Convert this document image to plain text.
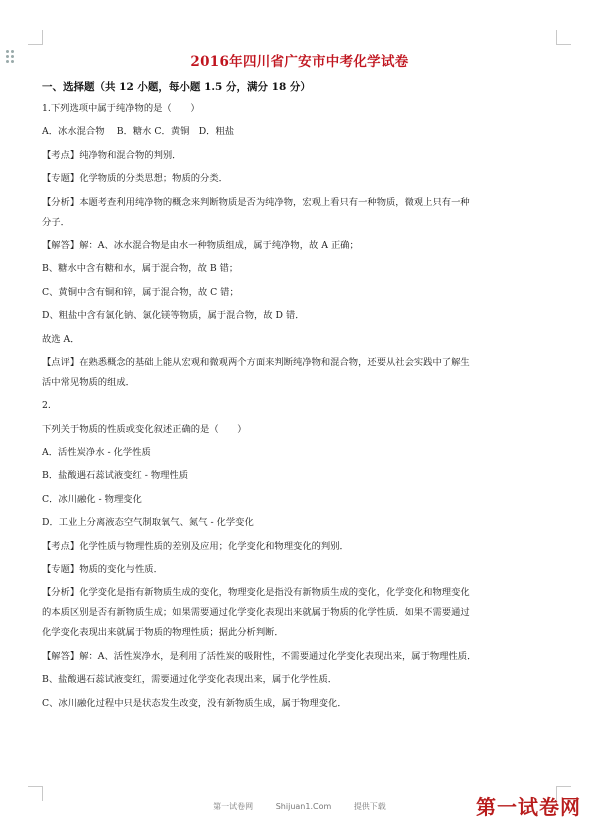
2016年四川省广安市中考化学试卷
一、选择题（共 12 小题，每小题 1.5 分，满分 18 分）
1.下列选项中属于纯净物的是（　　）
A．冰水混合物　 B．糖水 C．黄铜　D．粗盐
【考点】纯净物和混合物的判别．
【专题】化学物质的分类思想；物质的分类．
【分析】本题考查利用纯净物的概念来判断物质是否为纯净物，宏观上看只有一种物质，微观上只有一种
分子．
【解答】解：A、冰水混合物是由水一种物质组成，属于纯净物，故 A 正确；
B、糖水中含有糖和水，属于混合物，故 B 错；
C、黄铜中含有铜和锌，属于混合物，故 C 错；
D、粗盐中含有氯化钠、氯化镁等物质，属于混合物，故 D 错．
故选 A．
【点评】在熟悉概念的基础上能从宏观和微观两个方面来判断纯净物和混合物，还要从社会实践中了解生
活中常见物质的组成．
2.
下列关于物质的性质或变化叙述正确的是（　　）
A．活性炭净水 - 化学性质
B．盐酸遇石蕊试液变红 - 物理性质
C．冰川融化 - 物理变化
D．工业上分离液态空气制取氧气、氮气 - 化学变化
【考点】化学性质与物理性质的差别及应用；化学变化和物理变化的判别．
【专题】物质的变化与性质．
【分析】化学变化是指有新物质生成的变化，物理变化是指没有新物质生成的变化，化学变化和物理变化
的本质区别是否有新物质生成；如果需要通过化学变化表现出来就属于物质的化学性质．如果不需要通过
化学变化表现出来就属于物质的物理性质；据此分析判断．
【解答】解：A、活性炭净水，是利用了活性炭的吸附性，不需要通过化学变化表现出来，属于物理性质．
B、盐酸遇石蕊试液变红，需要通过化学变化表现出来，属于化学性质．
C、冰川融化过程中只是状态发生改变，没有新物质生成，属于物理变化．
第一试卷网	Shijuan1.Com	提供下载	第一试卷网
